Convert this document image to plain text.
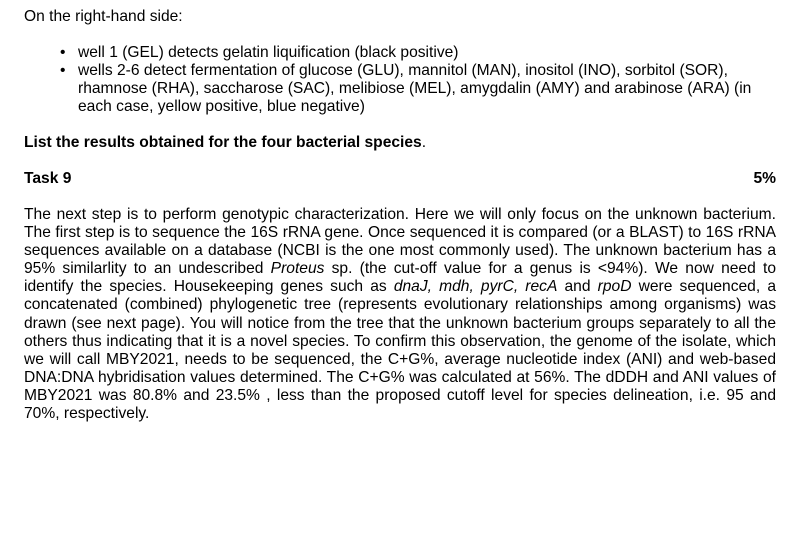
On the right-hand side:

• well 1 (GEL) detects gelatin liquification (black positive)
• wells 2-6 detect fermentation of glucose (GLU), mannitol (MAN), inositol (INO), sorbitol (SOR), rhamnose (RHA), saccharose (SAC), melibiose (MEL), amygdalin (AMY) and arabinose (ARA) (in each case, yellow positive, blue negative)

List the results obtained for the four bacterial species.

Task 9	5%

The next step is to perform genotypic characterization. Here we will only focus on the unknown bacterium. The first step is to sequence the 16S rRNA gene. Once sequenced it is compared (or a BLAST) to 16S rRNA sequences available on a database (NCBI is the one most commonly used). The unknown bacterium has a 95% similarlity to an undescribed Proteus sp. (the cut-off value for a genus is <94%). We now need to identify the species. Housekeeping genes such as dnaJ, mdh, pyrC, recA and rpoD were sequenced, a concatenated (combined) phylogenetic tree (represents evolutionary relationships among organisms) was drawn (see next page). You will notice from the tree that the unknown bacterium groups separately to all the others thus indicating that it is a novel species. To confirm this observation, the genome of the isolate, which we will call MBY2021, needs to be sequenced, the C+G%, average nucleotide index (ANI) and web-based DNA:DNA hybridisation values determined. The C+G% was calculated at 56%. The dDDH and ANI values of MBY2021 was 80.8% and 23.5% , less than the proposed cutoff level for species delineation, i.e. 95 and 70%, respectively.
